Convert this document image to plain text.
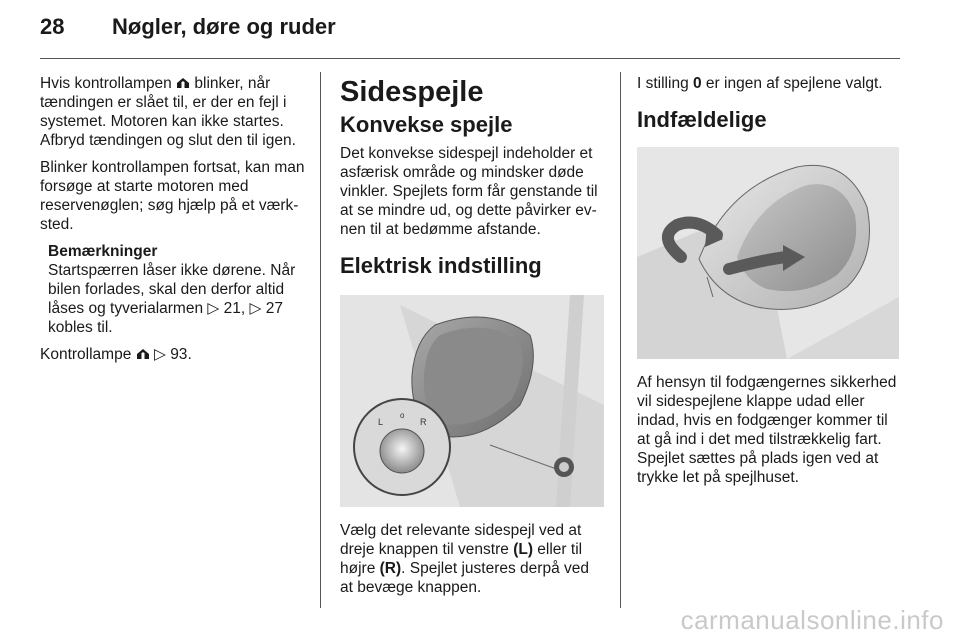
28 Nøgler, døre og ruder

Hvis kontrollampen  blinker, når tændingen er slået til, er der en fejl i systemet. Motoren kan ikke startes. Afbryd tændingen og slut den til igen.

Blinker kontrollampen fortsat, kan man forsøge at starte motoren med reservenøglen; søg hjælp på et værksted.

Bemærkninger
Startspærren låser ikke dørene. Når bilen forlades, skal den derfor altid låses og tyverialarmen ▷ 21, ▷ 27 kobles til.

Kontrollampe  ▷ 93.

Sidespejle
Konvekse spejle

Det konvekse sidespejl indeholder et asfærisk område og mindsker døde vinkler. Spejlets form får genstande til at se mindre ud, og dette påvirker evnen til at bedømme afstande.

Elektrisk indstilling
L
o
R

Vælg det relevante sidespejl ved at dreje knappen til venstre (L) eller til højre (R). Spejlet justeres derpå ved at bevæge knappen.

I stilling 0 er ingen af spejlene valgt.

Indfældelige

Af hensyn til fodgængernes sikkerhed vil sidespejlene klappe udad eller indad, hvis en fodgænger kommer til at gå ind i det med tilstrækkelig fart. Spejlet sættes på plads igen ved at trykke let på spejlhuset.

carmanualsonline.info
